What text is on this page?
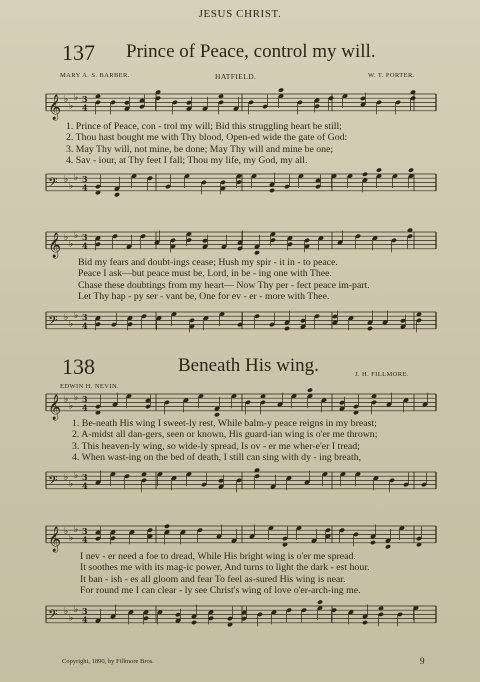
JESUS CHRIST.
137 Prince of Peace, control my will.
MARY A. S. BARBER.	HATFIELD.	W. T. PORTER.
𝄞 ♭
♭
♭ 3
4
1. Prince of Peace, con - trol my will; Bid this struggling heart be still;
2. Thou hast bought me with Thy blood, Open-ed wide the gate of God:
3. May Thy will, not mine, be done; May Thy will and mine be one;
4. Sav - iour, at Thy feet I fall; Thou my life, my God, my all.
𝄢 ♭
♭
♭ 3
4
𝄞 ♭
♭
♭ 3
4
Bid my fears and doubt-ings cease; Hush my spir - it in - to peace.
Peace I ask—but peace must be, Lord, in be - ing one with Thee.
Chase these doubtings from my heart— Now Thy per - fect peace im-part.
Let Thy hap - py ser - vant be, One for ev - er - more with Thee.
𝄢 ♭
♭
♭ 3
4
138	Beneath His wing.
EDWIN H. NEVIN.
J. H. FILLMORE.
𝄞 ♭
♭
♭ 3
4
1. Be-neath His wing I sweet-ly rest, While balm-y peace reigns in my breast;
2. A-midst all dan-gers, seen or known, His guard-ian wing is o'er me thrown;
3. This heaven-ly wing, so wide-ly spread, Is ov - er me wher-e'er I tread;
4. When wast-ing on the bed of death, I still can sing with dy - ing breath,
𝄢 ♭
♭
♭ 3
4
𝄞 ♭
♭
♭ 3
4
I nev - er need a foe to dread, While His bright wing is o'er me spread.
It soothes me with its mag-ic power, And turns to light the dark - est hour.
It ban - ish - es all gloom and fear To feel as-sured His wing is near.
For round me I can clear - ly see Christ's wing of love o'er-arch-ing me.
𝄢 ♭
♭
♭ 3
4
Copyright, 1890, by Fillmore Bros.	9
